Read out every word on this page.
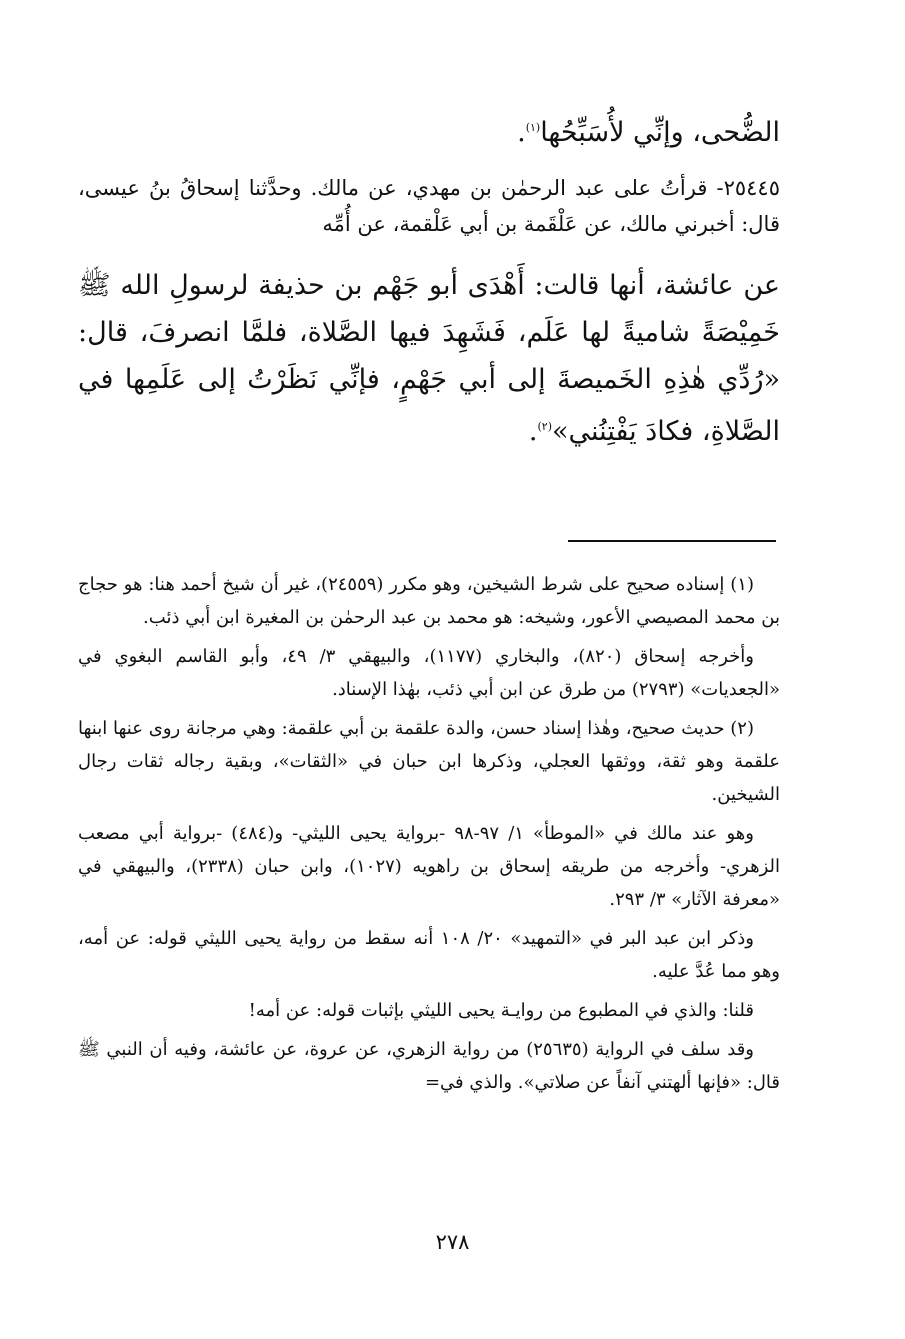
الضُّحى، وإنِّي لأُسَبِّحُها$^{(١)}$.

٢٥٤٤٥- قرأتُ على عبد الرحمٰن بن مهدي، عن مالك. وحدَّثنا إسحاقُ بنُ عيسى، قال: أخبرني مالك، عن عَلْقَمة بن أبي عَلْقمة، عن أُمِّه

عن عائشة، أنها قالت: أَهْدَى أبو جَهْم بن حذيفة لرسولِ الله ﷺ خَمِيْصَةً شاميةً لها عَلَم، فَشَهِدَ فيها الصَّلاة، فلمَّا انصرفَ، قال: «رُدِّي هٰذِهِ الخَميصةَ إلى أبي جَهْمٍ، فإنِّي نَظَرْتُ إلى عَلَمِها في الصَّلاةِ، فكادَ يَفْتِنُني»$^{(٢)}$.

(١) إسناده صحيح على شرط الشيخين، وهو مكرر (٢٤٥٥٩)، غير أن شيخ أحمد هنا: هو حجاج بن محمد المصيصي الأعور، وشيخه: هو محمد بن عبد الرحمٰن بن المغيرة ابن أبي ذئب.

وأخرجه إسحاق (٨٢٠)، والبخاري (١١٧٧)، والبيهقي ٣/ ٤٩، وأبو القاسم البغوي في «الجعديات» (٢٧٩٣) من طرق عن ابن أبي ذئب، بهٰذا الإسناد.

(٢) حديث صحيح، وهٰذا إسناد حسن، والدة علقمة بن أبي علقمة: وهي مرجانة روى عنها ابنها علقمة وهو ثقة، ووثقها العجلي، وذكرها ابن حبان في «الثقات»، وبقية رجاله ثقات رجال الشيخين.

وهو عند مالك في «الموطأ» ١/ ٩٧-٩٨ -برواية يحيى الليثي- و(٤٨٤) -برواية أبي مصعب الزهري- وأخرجه من طريقه إسحاق بن راهويه (١٠٢٧)، وابن حبان (٢٣٣٨)، والبيهقي في «معرفة الآثار» ٣/ ٢٩٣.

وذكر ابن عبد البر في «التمهيد» ٢٠/ ١٠٨ أنه سقط من رواية يحيى الليثي قوله: عن أمه، وهو مما عُدَّ عليه.

قلنا: والذي في المطبوع من روايـة يحيى الليثي بإثبات قوله: عن أمه!

وقد سلف في الرواية (٢٥٦٣٥) من رواية الزهري، عن عروة، عن عائشة، وفيه أن النبي ﷺ قال: «فإنها ألهتني آنفاً عن صلاتي». والذي في=

٢٧٨
